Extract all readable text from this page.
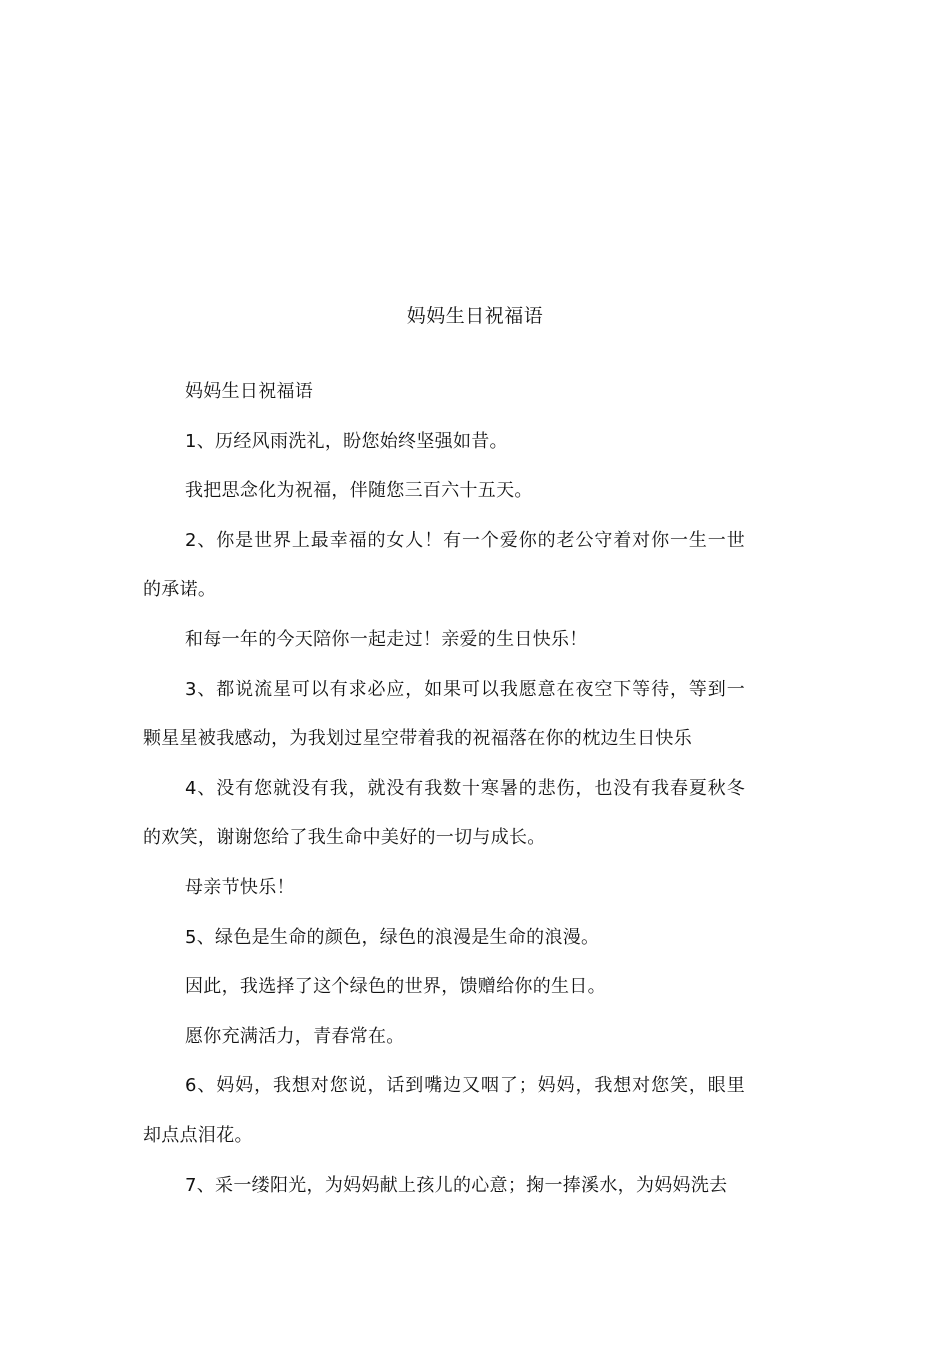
妈妈生日祝福语

妈妈生日祝福语

1、历经风雨洗礼，盼您始终坚强如昔。

我把思念化为祝福，伴随您三百六十五天。

2、你是世界上最幸福的女人！有一个爱你的老公守着对你一生一世的承诺。

和每一年的今天陪你一起走过！亲爱的生日快乐！

3、都说流星可以有求必应，如果可以我愿意在夜空下等待，等到一颗星星被我感动，为我划过星空带着我的祝福落在你的枕边生日快乐

4、没有您就没有我，就没有我数十寒暑的悲伤，也没有我春夏秋冬的欢笑，谢谢您给了我生命中美好的一切与成长。

母亲节快乐！

5、绿色是生命的颜色，绿色的浪漫是生命的浪漫。

因此，我选择了这个绿色的世界，馈赠给你的生日。

愿你充满活力，青春常在。

6、妈妈，我想对您说，话到嘴边又咽了；妈妈，我想对您笑，眼里却点点泪花。

7、采一缕阳光，为妈妈献上孩儿的心意；掬一捧溪水，为妈妈洗去
